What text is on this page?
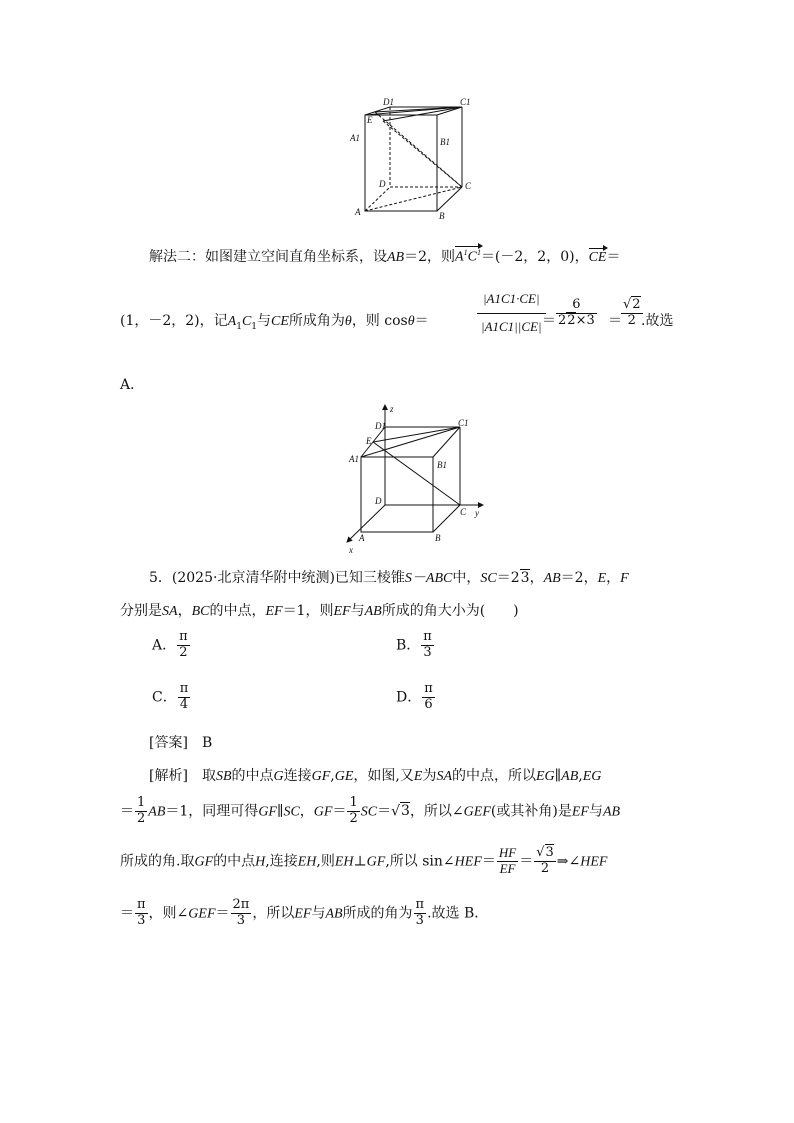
D1	C1
E
A1	B1
D	C
A	B
解法二：如图建立空间直角坐标系，设AB＝2，则$A^1C^1=(-2$，2，0)，CE＝
(1，－2，2)，记$A_1C_1$与CE所成角为θ，则 cosθ＝	$\frac{|A1C1\cdot CE|}{|A1C1||CE|}$
＝ $\frac{6}{22\times 3} = \frac{√2}{2}$
.故选
A．
z
D1	C1
E
A1
B1
D
C y
A	B
x
5．(2025·北京清华附中统测)已知三棱锥S－ABC中，SC＝23，AB＝2，E，F
分别是SA，BC的中点，EF＝1，则EF与AB所成的角大小为(　　)
A． $\frac{\pi}{2}$	B． $\frac{\pi}{3}$
C． $\frac{\pi}{4}$	D． $\frac{\pi}{6}$
[答案]　 B
[解析]　 取SB的中点G连接GF,GE，如图,又E为SA的中点，所以EG∥AB,EG
＝ $\frac{1}{2} AB=1$，同理可得GF∥SC，$GF= \frac{1}{2} SC=√3$，所以∠GEF(或其补角)是EF与AB
所成的角.取GF的中点H,连接EH,则EH⊥GF,所以 sin∠HEF＝ $\frac{HF}{EF} = \frac{√3}{2}$ ⇒∠HEF
＝ $\frac{\pi}{3}$ ，则∠GEF＝ $\frac{2\pi}{3}$ ，所以EF与AB所成的角为 $\frac{\pi}{3}$ .故选 B．
